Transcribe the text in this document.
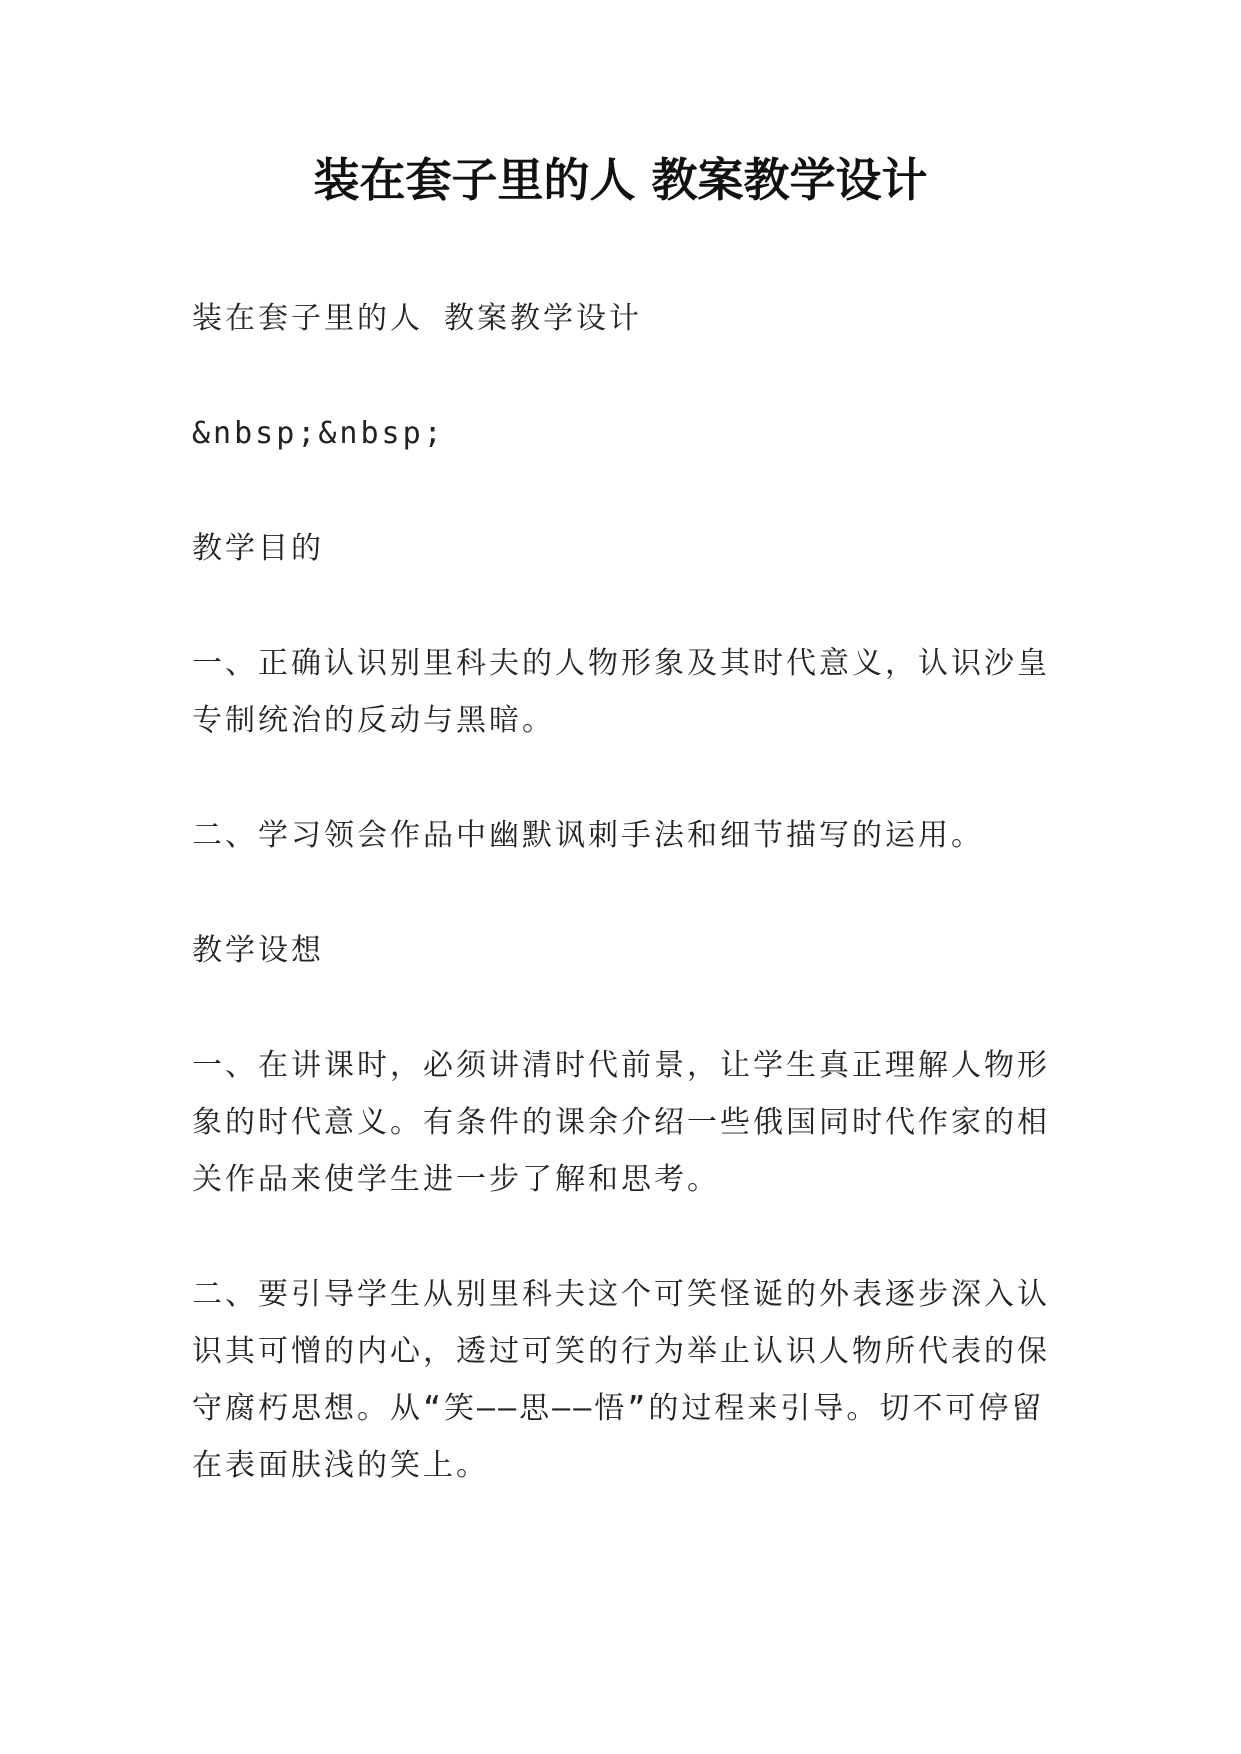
装在套子里的人 教案教学设计

装在套子里的人 教案教学设计

&nbsp;&nbsp;

教学目的

一、正确认识别里科夫的人物形象及其时代意义，认识沙皇专制统治的反动与黑暗。

二、学习领会作品中幽默讽刺手法和细节描写的运用。

教学设想

一、在讲课时，必须讲清时代前景，让学生真正理解人物形象的时代意义。有条件的课余介绍一些俄国同时代作家的相关作品来使学生进一步了解和思考。

二、要引导学生从别里科夫这个可笑怪诞的外表逐步深入认识其可憎的内心，透过可笑的行为举止认识人物所代表的保守腐朽思想。从“笑——思——悟”的过程来引导。切不可停留在表面肤浅的笑上。
